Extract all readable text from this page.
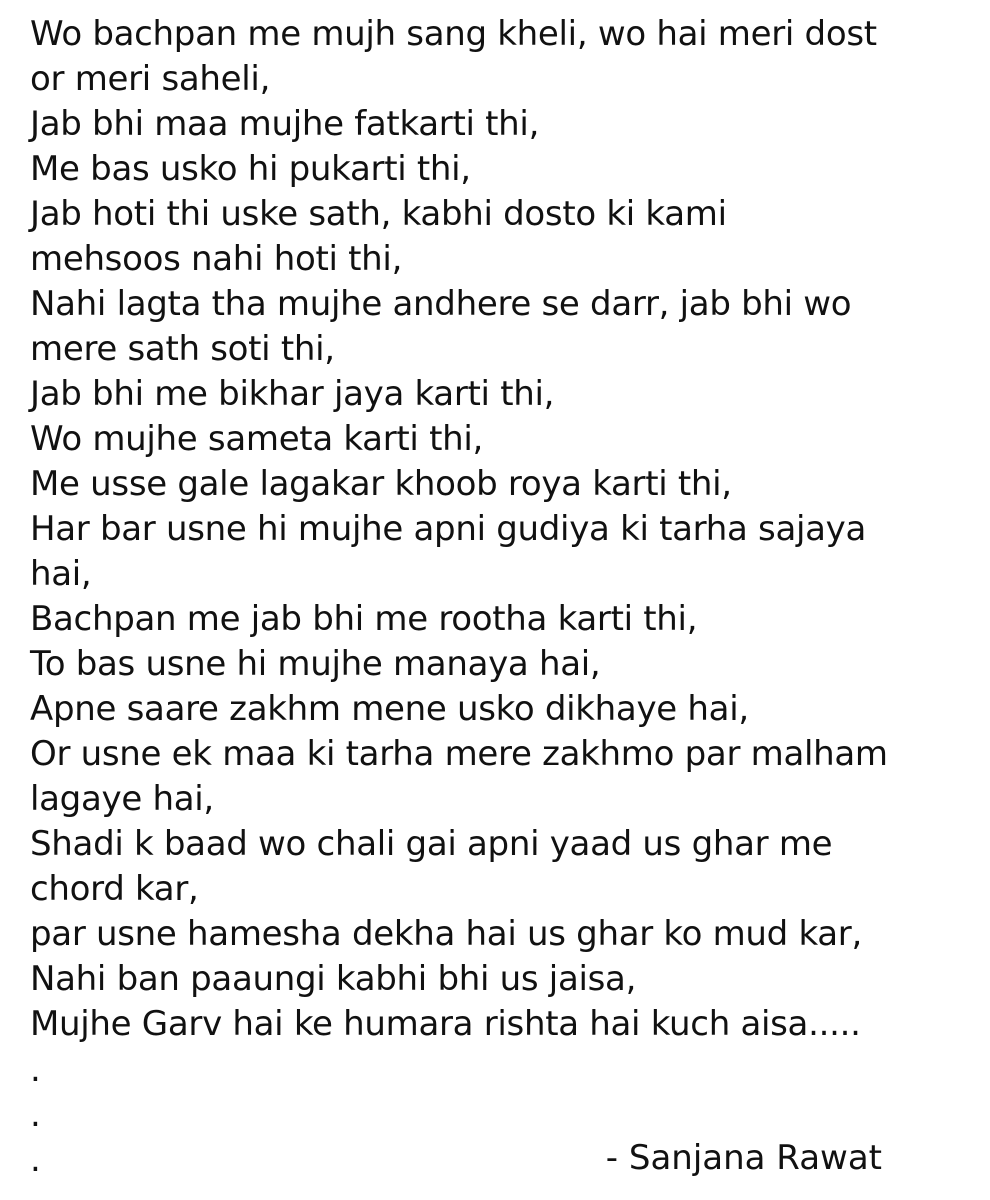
Wo bachpan me mujh sang kheli, wo hai meri dost
or meri saheli,
Jab bhi maa mujhe fatkarti thi,
Me bas usko hi pukarti thi,
Jab hoti thi uske sath, kabhi dosto ki kami
mehsoos nahi hoti thi,
Nahi lagta tha mujhe andhere se darr, jab bhi wo
mere sath soti thi,
Jab bhi me bikhar jaya karti thi,
Wo mujhe sameta karti thi,
Me usse gale lagakar khoob roya karti thi,
Har bar usne hi mujhe apni gudiya ki tarha sajaya
hai,
Bachpan me jab bhi me rootha karti thi,
To bas usne hi mujhe manaya hai,
Apne saare zakhm mene usko dikhaye hai,
Or usne ek maa ki tarha mere zakhmo par malham
lagaye hai,
Shadi k baad wo chali gai apni yaad us ghar me
chord kar,
par usne hamesha dekha hai us ghar ko mud kar,
Nahi ban paaungi kabhi bhi us jaisa,
Mujhe Garv hai ke humara rishta hai kuch aisa.....
.
.
.	- Sanjana Rawat
